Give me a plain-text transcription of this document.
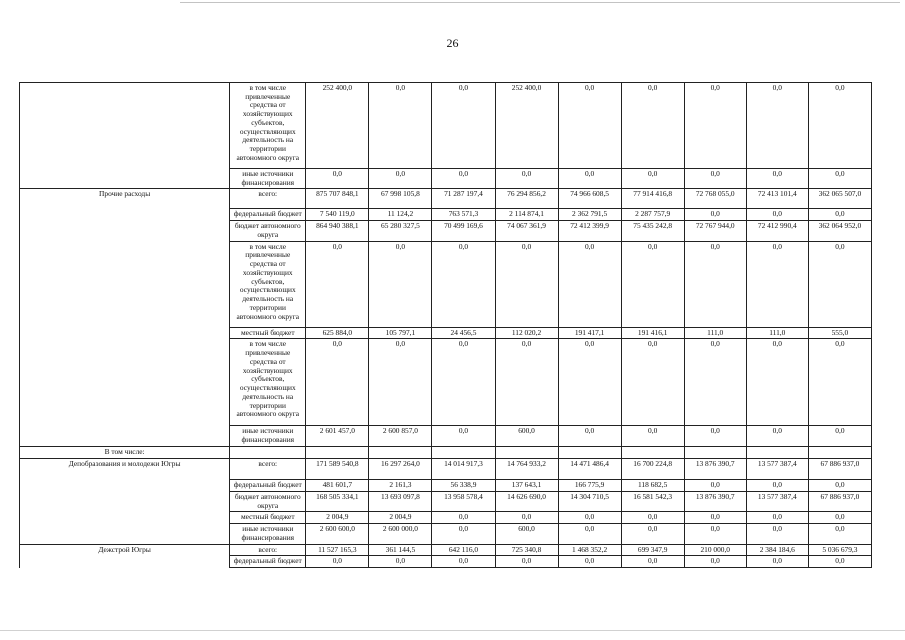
26
	в том числе привлеченные средства от хозяйствующих субъектов, осуществляющих деятельность на территории автономного округа	252 400,0	0,0	0,0	252 400,0	0,0	0,0	0,0	0,0	0,0
	иные источники финансирования	0,0	0,0	0,0	0,0	0,0	0,0	0,0	0,0	0,0
Прочие расходы	всего:	875 707 848,1	67 998 105,8	71 287 197,4	76 294 856,2	74 966 608,5	77 914 416,8	72 768 055,0	72 413 101,4	362 065 507,0
	федеральный бюджет	7 540 119,0	11 124,2	763 571,3	2 114 874,1	2 362 791,5	2 287 757,9	0,0	0,0	0,0
	бюджет автономного округа	864 940 388,1	65 280 327,5	70 499 169,6	74 067 361,9	72 412 399,9	75 435 242,8	72 767 944,0	72 412 990,4	362 064 952,0
	в том числе привлеченные средства от хозяйствующих субъектов, осуществляющих деятельность на территории автономного округа	0,0	0,0	0,0	0,0	0,0	0,0	0,0	0,0	0,0
	местный бюджет	625 884,0	105 797,1	24 456,5	112 020,2	191 417,1	191 416,1	111,0	111,0	555,0
	в том числе привлеченные средства от хозяйствующих субъектов, осуществляющих деятельность на территории автономного округа	0,0	0,0	0,0	0,0	0,0	0,0	0,0	0,0	0,0
	иные источники финансирования	2 601 457,0	2 600 857,0	0,0	600,0	0,0	0,0	0,0	0,0	0,0
В том числе:										
Депобразования и молодежи Югры	всего:	171 589 540,8	16 297 264,0	14 014 917,3	14 764 933,2	14 471 486,4	16 700 224,8	13 876 390,7	13 577 387,4	67 886 937,0
	федеральный бюджет	481 601,7	2 161,3	56 338,9	137 643,1	166 775,9	118 682,5	0,0	0,0	0,0
	бюджет автономного округа	168 505 334,1	13 693 097,8	13 958 578,4	14 626 690,0	14 304 710,5	16 581 542,3	13 876 390,7	13 577 387,4	67 886 937,0
	местный бюджет	2 004,9	2 004,9	0,0	0,0	0,0	0,0	0,0	0,0	0,0
	иные источники финансирования	2 600 600,0	2 600 000,0	0,0	600,0	0,0	0,0	0,0	0,0	0,0
Дежстрой Югры	всего:	11 527 165,3	361 144,5	642 116,0	725 340,8	1 468 352,2	699 347,9	210 000,0	2 384 184,6	5 036 679,3
	федеральный бюджет	0,0	0,0	0,0	0,0	0,0	0,0	0,0	0,0	0,0
